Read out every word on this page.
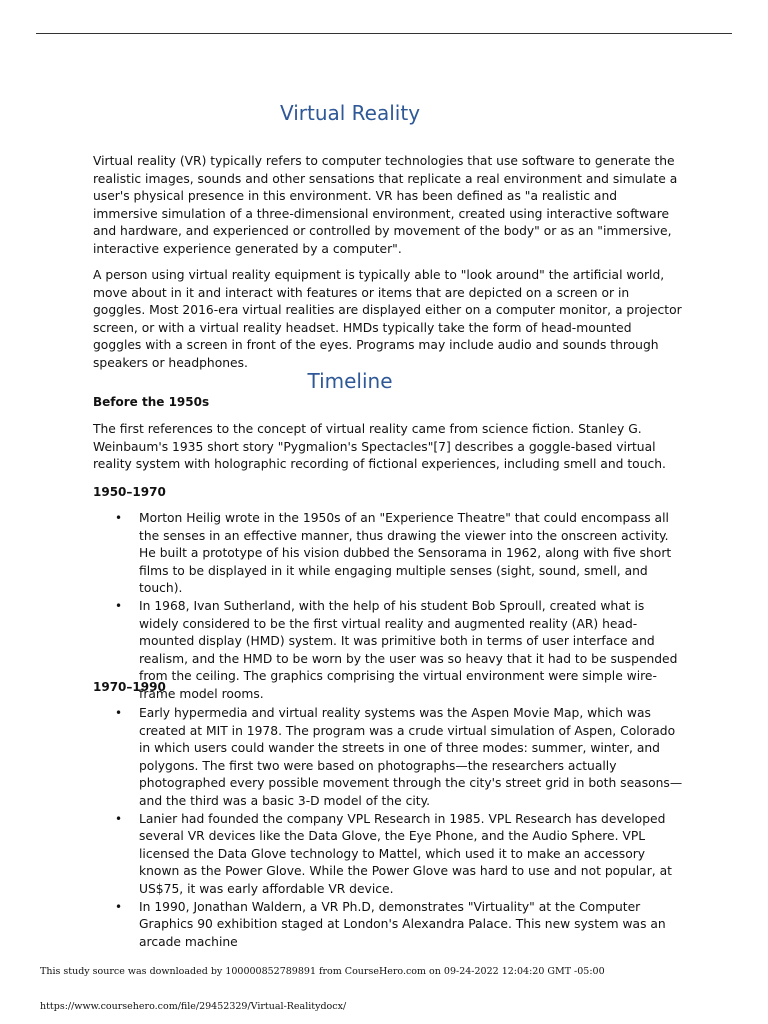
Virtual Reality

Virtual reality (VR) typically refers to computer technologies that use software to generate the realistic images, sounds and other sensations that replicate a real environment and simulate a user's physical presence in this environment. VR has been defined as "a realistic and immersive simulation of a three-dimensional environment, created using interactive software and hardware, and experienced or controlled by movement of the body" or as an "immersive, interactive experience generated by a computer".

A person using virtual reality equipment is typically able to "look around" the artificial world, move about in it and interact with features or items that are depicted on a screen or in goggles. Most 2016-era virtual realities are displayed either on a computer monitor, a projector screen, or with a virtual reality headset. HMDs typically take the form of head-mounted goggles with a screen in front of the eyes. Programs may include audio and sounds through speakers or headphones.

Timeline

Before the 1950s

The first references to the concept of virtual reality came from science fiction. Stanley G. Weinbaum's 1935 short story "Pygmalion's Spectacles"[7] describes a goggle-based virtual reality system with holographic recording of fictional experiences, including smell and touch.

1950–1970

• Morton Heilig wrote in the 1950s of an "Experience Theatre" that could encompass all the senses in an effective manner, thus drawing the viewer into the onscreen activity. He built a prototype of his vision dubbed the Sensorama in 1962, along with five short films to be displayed in it while engaging multiple senses (sight, sound, smell, and touch).
• In 1968, Ivan Sutherland, with the help of his student Bob Sproull, created what is widely considered to be the first virtual reality and augmented reality (AR) head-mounted display (HMD) system. It was primitive both in terms of user interface and realism, and the HMD to be worn by the user was so heavy that it had to be suspended from the ceiling. The graphics comprising the virtual environment were simple wire-frame model rooms.

1970–1990

• Early hypermedia and virtual reality systems was the Aspen Movie Map, which was created at MIT in 1978. The program was a crude virtual simulation of Aspen, Colorado in which users could wander the streets in one of three modes: summer, winter, and polygons. The first two were based on photographs—the researchers actually photographed every possible movement through the city's street grid in both seasons—and the third was a basic 3-D model of the city.
• Lanier had founded the company VPL Research in 1985. VPL Research has developed several VR devices like the Data Glove, the Eye Phone, and the Audio Sphere. VPL licensed the Data Glove technology to Mattel, which used it to make an accessory known as the Power Glove. While the Power Glove was hard to use and not popular, at US$75, it was early affordable VR device.
• In 1990, Jonathan Waldern, a VR Ph.D, demonstrates "Virtuality" at the Computer Graphics 90 exhibition staged at London's Alexandra Palace. This new system was an arcade machine

This study source was downloaded by 100000852789891 from CourseHero.com on 09-24-2022 12:04:20 GMT -05:00

https://www.coursehero.com/file/29452329/Virtual-Realitydocx/
